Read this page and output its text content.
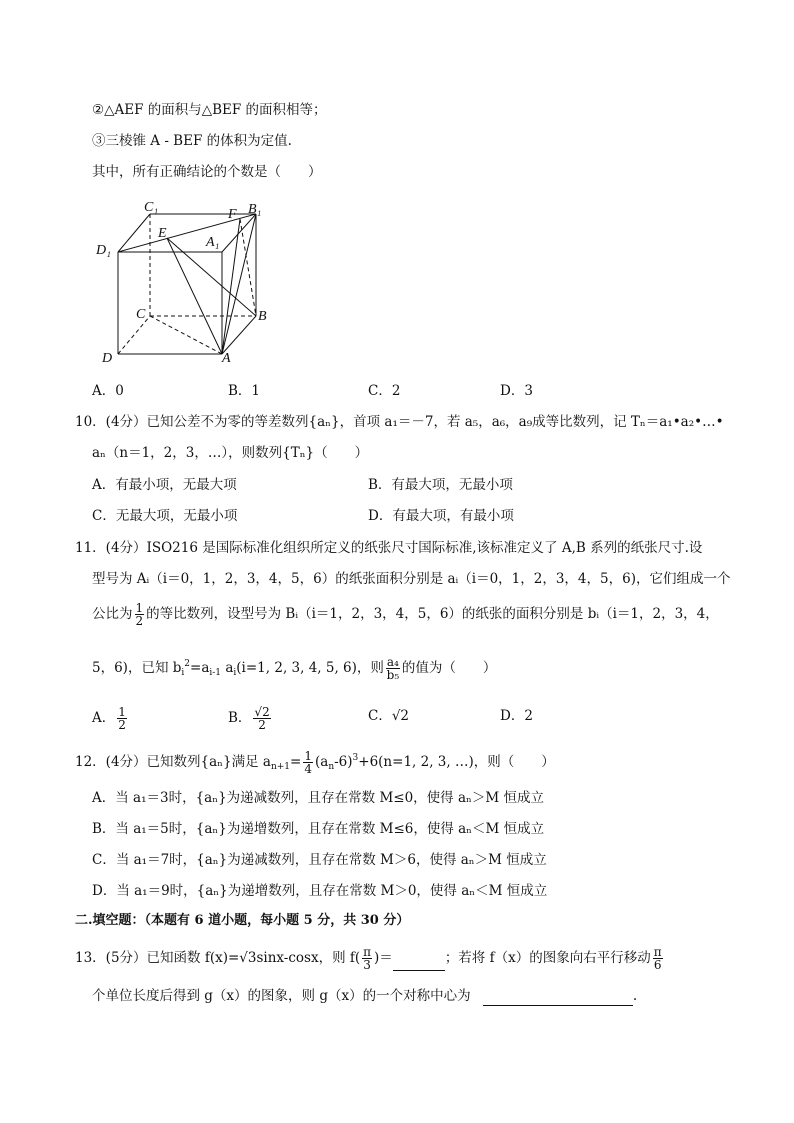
②△AEF 的面积与△BEF 的面积相等；
③三棱锥 A - BEF 的体积为定值.
其中，所有正确结论的个数是（　　）
C₁	F B₁
E
A₁
D₁
C	B
D	A
A．0	B．1	C．2	D．3
10．(4分）已知公差不为零的等差数列{aₙ}，首项 a₁＝－7，若 a₅，a₆，a₉成等比数列，记 Tₙ＝a₁•a₂•…•
aₙ（n＝1，2，3，…），则数列{Tₙ}（　　）
A．有最小项，无最大项	B．有最大项，无最小项
C．无最大项，无最小项	D．有最大项，有最小项
11．(4分）ISO216 是国际标准化组织所定义的纸张尺寸国际标准,该标准定义了 A,B 系列的纸张尺寸.设
型号为 Aᵢ（i＝0，1，2，3，4，5，6）的纸张面积分别是 aᵢ（i＝0，1，2，3，4，5，6)，它们组成一个
公比为 $\frac{1}{2}$ 的等比数列，设型号为 Bᵢ（i＝1，2，3，4，5，6）的纸张的面积分别是 bᵢ（i＝1，2，3，4，
5，6)，已知 $b_i^2=a_{i-1}$ $a_i(i=1$, 2, 3, 4, 5, 6)，则 $\frac{\text{a₄}}{\text{b₅}}$ 的值为（　　）
A． $\frac{1}{2}$	B． $\frac{√2}{2}$	C．√2	D．2
12．(4分）已知数列{aₙ}满足 $a_{n+1}= \frac{1}{4} (a_n-6)^3+6(n=1$, 2, 3, …)，则（　　）
A．当 a₁＝3时，{aₙ}为递减数列，且存在常数 M≤0，使得 aₙ＞M 恒成立
B．当 a₁＝5时，{aₙ}为递增数列，且存在常数 M≤6，使得 aₙ＜M 恒成立
C．当 a₁＝7时，{aₙ}为递减数列，且存在常数 M＞6，使得 aₙ＞M 恒成立
D．当 a₁＝9时，{aₙ}为递增数列，且存在常数 M＞0，使得 aₙ＜M 恒成立
二.填空题：（本题有 6 道小题，每小题 5 分，共 30 分）
13．(5分）已知函数 f(x)=√3sinx-cosx，则 $f( \frac{\pi}{3}$ )＝	；若将 f（x）的图象向右平行移动 $\frac{\pi}{6}$
个单位长度后得到 g（x）的图象，则 g（x）的一个对称中心为	.
